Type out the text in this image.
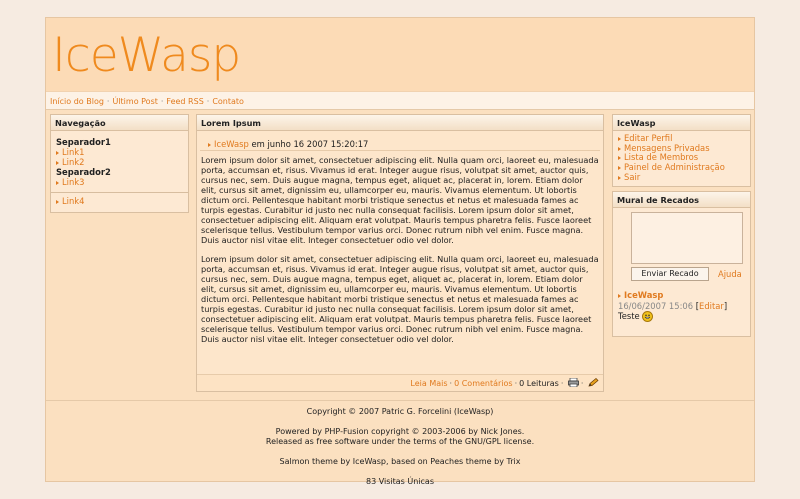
IceWasp
Início do Blog · Último Post · Feed RSS · Contato
Copyright © 2007 Patric G. Forcelini (IceWasp)
Powered by PHP-Fusion copyright © 2003-2006 by Nick Jones.
Released as free software under the terms of the GNU/GPL license.
Salmon theme by IceWasp, based on Peaches theme by Trix
83 Visitas Únicas
Navegação
Separador1
Link1
Link2
Separador2
Link3
Link4
Lorem Ipsum
IceWasp em junho 16 2007 15:20:17

Lorem ipsum dolor sit amet, consectetuer adipiscing elit. Nulla quam orci, laoreet eu, malesuada porta, accumsan et, risus. Vivamus id erat. Integer augue risus, volutpat sit amet, auctor quis, cursus nec, sem. Duis augue magna, tempus eget, aliquet ac, placerat in, lorem. Etiam dolor elit, cursus sit amet, dignissim eu, ullamcorper eu, mauris. Vivamus elementum. Ut lobortis dictum orci. Pellentesque habitant morbi tristique senectus et netus et malesuada fames ac turpis egestas. Curabitur id justo nec nulla consequat facilisis. Lorem ipsum dolor sit amet, consectetuer adipiscing elit. Aliquam erat volutpat. Mauris tempus pharetra felis. Fusce laoreet scelerisque tellus. Vestibulum tempor varius orci. Donec rutrum nibh vel enim. Fusce magna. Duis auctor nisl vitae elit. Integer consectetuer odio vel dolor.

Lorem ipsum dolor sit amet, consectetuer adipiscing elit. Nulla quam orci, laoreet eu, malesuada porta, accumsan et, risus. Vivamus id erat. Integer augue risus, volutpat sit amet, auctor quis, cursus nec, sem. Duis augue magna, tempus eget, aliquet ac, placerat in, lorem. Etiam dolor elit, cursus sit amet, dignissim eu, ullamcorper eu, mauris. Vivamus elementum. Ut lobortis dictum orci. Pellentesque habitant morbi tristique senectus et netus et malesuada fames ac turpis egestas. Curabitur id justo nec nulla consequat facilisis. Lorem ipsum dolor sit amet, consectetuer adipiscing elit. Aliquam erat volutpat. Mauris tempus pharetra felis. Fusce laoreet scelerisque tellus. Vestibulum tempor varius orci. Donec rutrum nibh vel enim. Fusce magna. Duis auctor nisl vitae elit. Integer consectetuer odio vel dolor.

Leia Mais · 0 Comentários · 0 Leituras · ·
IceWasp
Editar Perfil
Mensagens Privadas
Lista de Membros
Painel de Administração
Sair
Mural de Recados
Enviar Recado	Ajuda
IceWasp
16/06/2007 15:06 [Editar]
Teste
